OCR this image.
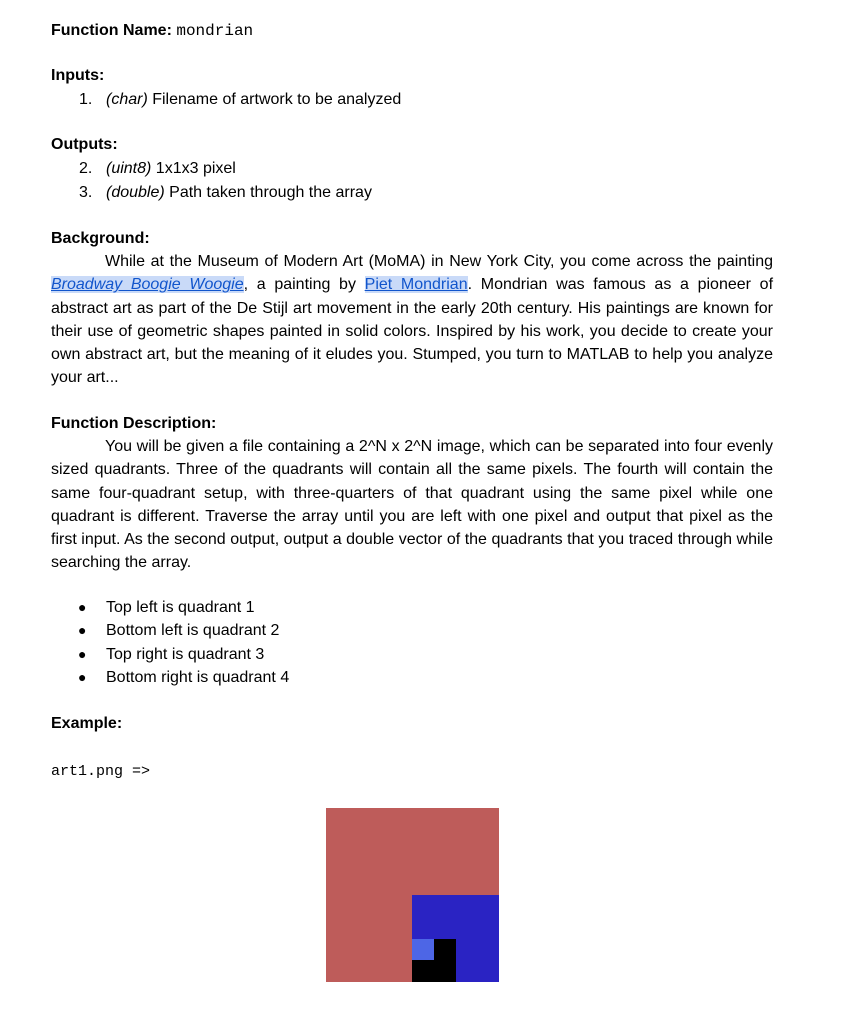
Function Name: mondrian
Inputs:
1. (char) Filename of artwork to be analyzed
Outputs:
2. (uint8) 1x1x3 pixel
3. (double) Path taken through the array
Background:

While at the Museum of Modern Art (MoMA) in New York City, you come across the painting Broadway Boogie Woogie, a painting by Piet Mondrian. Mondrian was famous as a pioneer of abstract art as part of the De Stijl art movement in the early 20th century. His paintings are known for their use of geometric shapes painted in solid colors. Inspired by his work, you decide to create your own abstract art, but the meaning of it eludes you. Stumped, you turn to MATLAB to help you analyze your art...

Function Description:

You will be given a file containing a 2^N x 2^N image, which can be separated into four evenly sized quadrants. Three of the quadrants will contain all the same pixels. The fourth will contain the same four-quadrant setup, with three-quarters of that quadrant using the same pixel while one quadrant is different. Traverse the array until you are left with one pixel and output that pixel as the first input. As the second output, output a double vector of the quadrants that you traced through while searching the array.

● Top left is quadrant 1
● Bottom left is quadrant 2
● Top right is quadrant 3
● Bottom right is quadrant 4
Example:
art1.png =>
